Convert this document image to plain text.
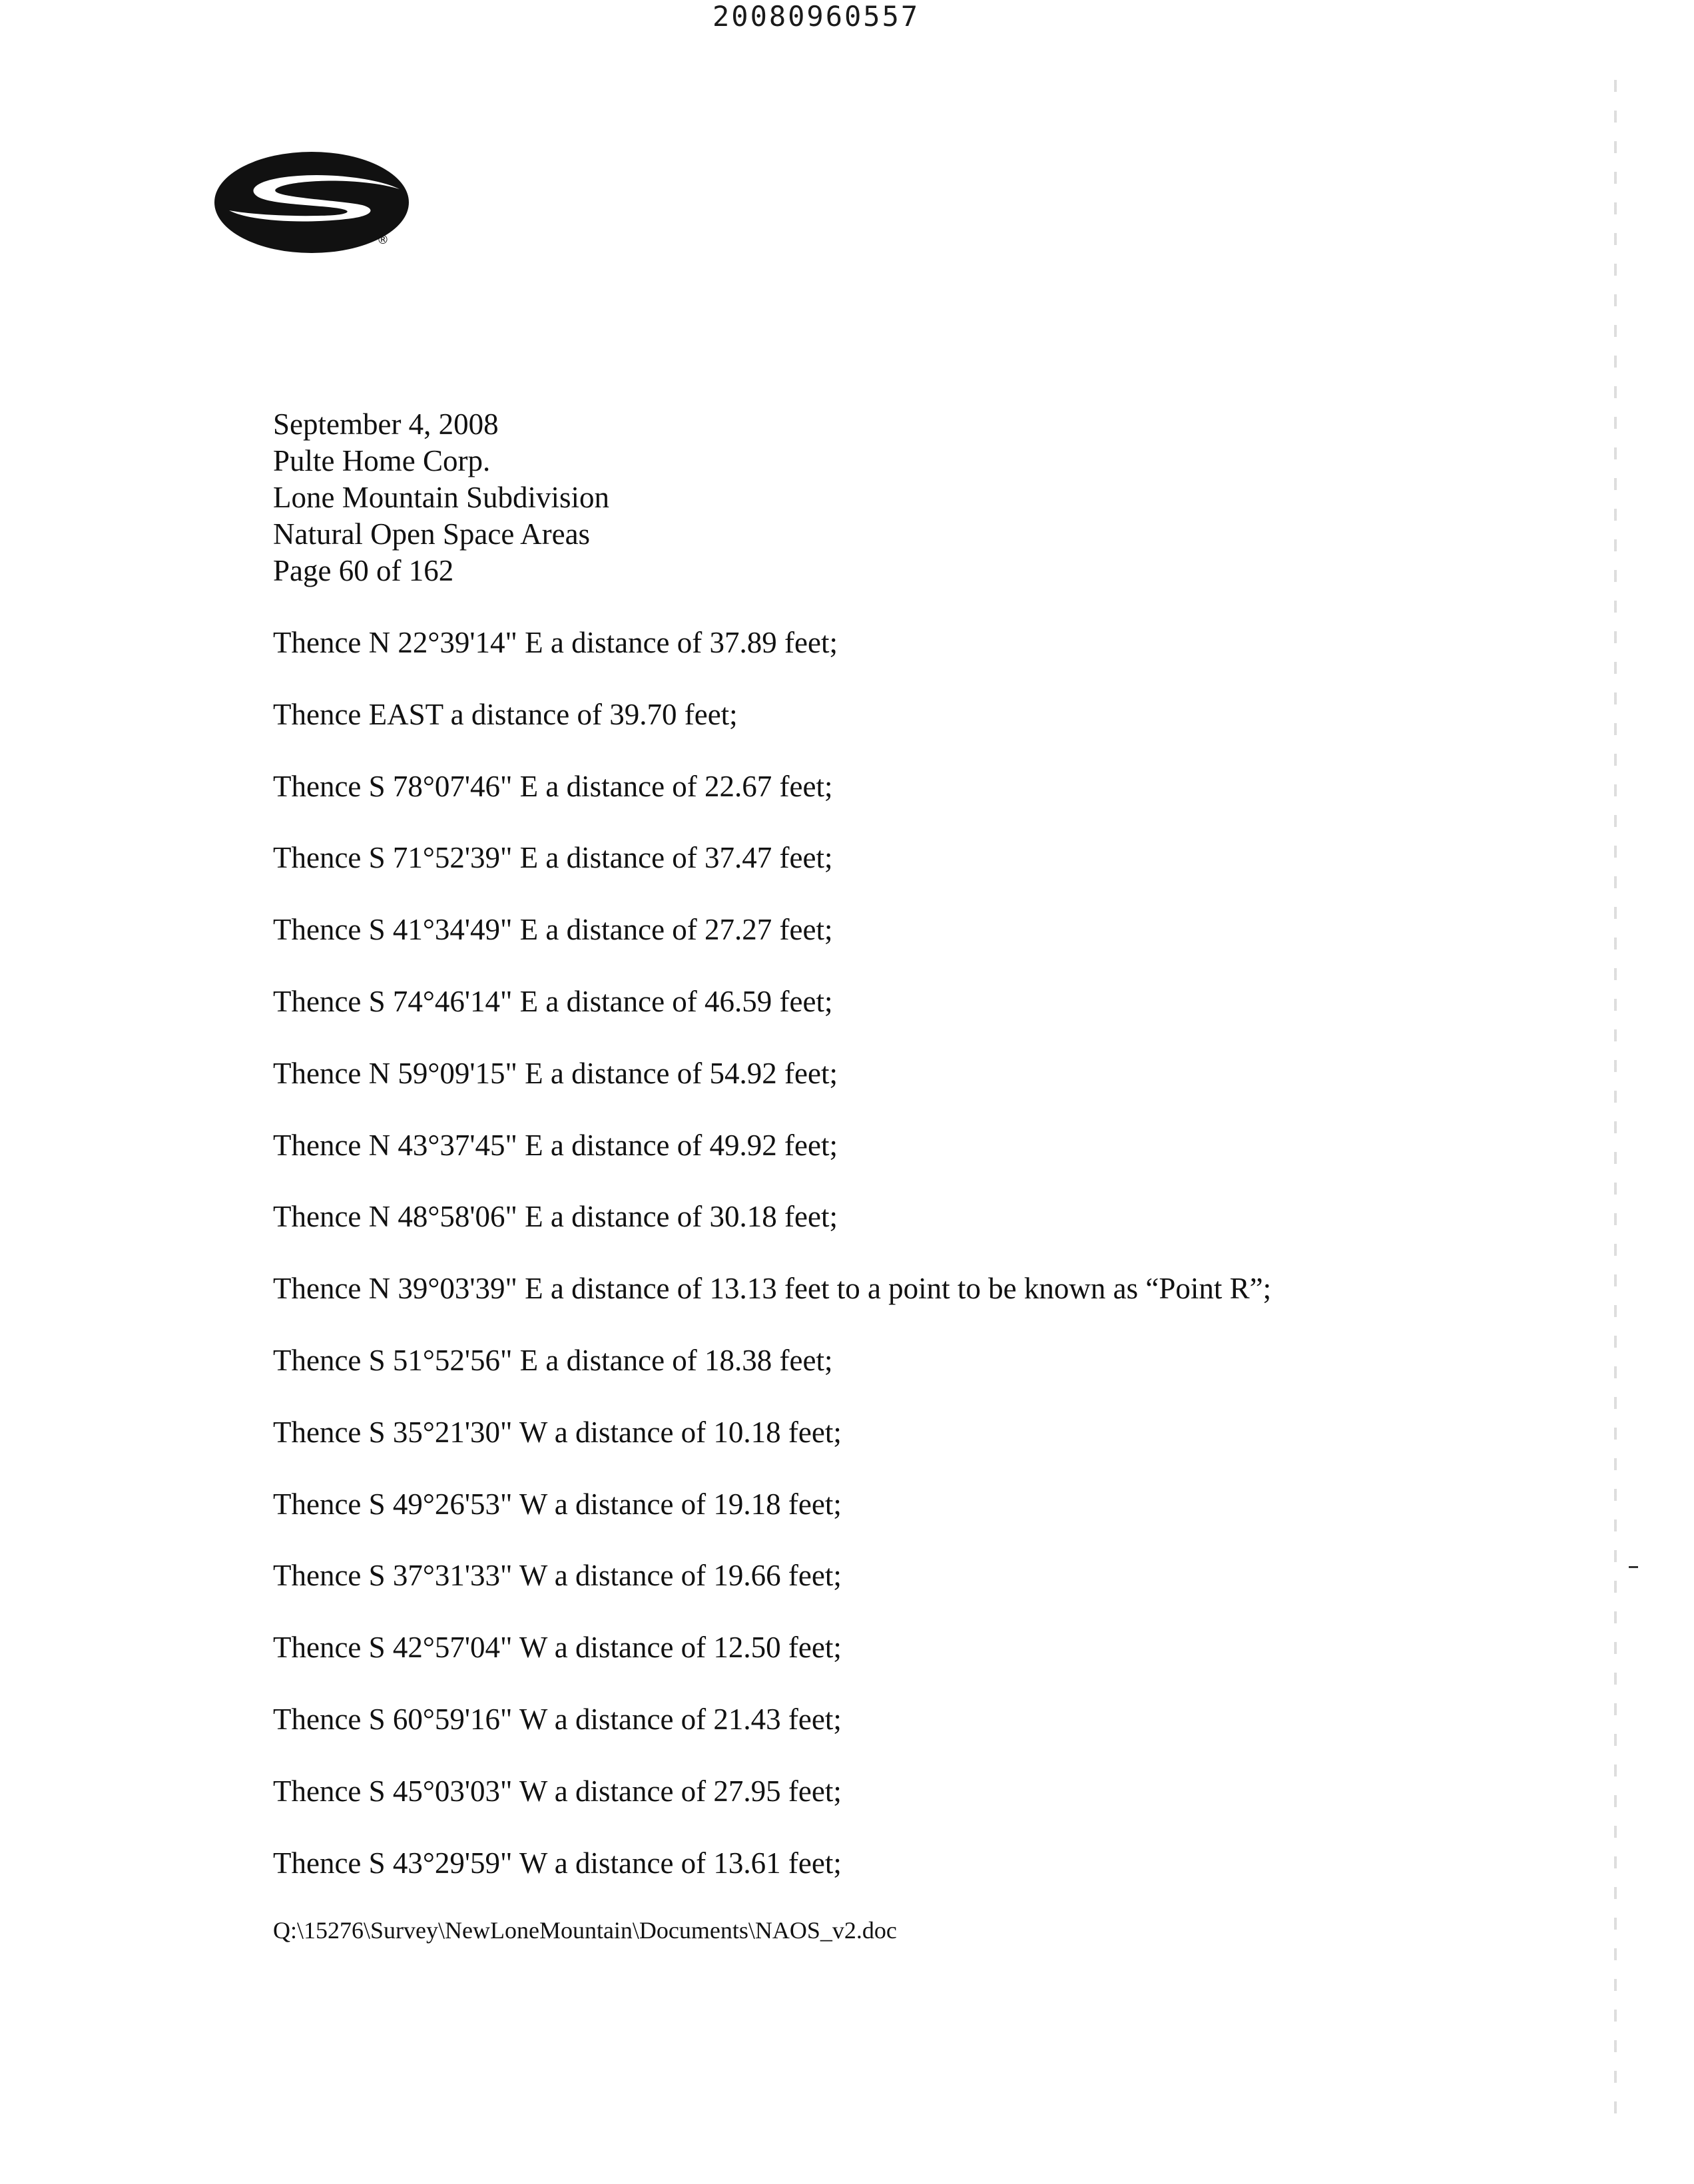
20080960557
®
September 4, 2008
Pulte Home Corp.
Lone Mountain Subdivision
Natural Open Space Areas
Page 60 of 162
Thence N 22°39'14" E a distance of 37.89 feet;
Thence EAST a distance of 39.70 feet;
Thence S 78°07'46" E a distance of 22.67 feet;
Thence S 71°52'39" E a distance of 37.47 feet;
Thence S 41°34'49" E a distance of 27.27 feet;
Thence S 74°46'14" E a distance of 46.59 feet;
Thence N 59°09'15" E a distance of 54.92 feet;
Thence N 43°37'45" E a distance of 49.92 feet;
Thence N 48°58'06" E a distance of 30.18 feet;
Thence N 39°03'39" E a distance of 13.13 feet to a point to be known as “Point R”;
Thence S 51°52'56" E a distance of 18.38 feet;
Thence S 35°21'30" W a distance of 10.18 feet;
Thence S 49°26'53" W a distance of 19.18 feet;
Thence S 37°31'33" W a distance of 19.66 feet;
Thence S 42°57'04" W a distance of 12.50 feet;
Thence S 60°59'16" W a distance of 21.43 feet;
Thence S 45°03'03" W a distance of 27.95 feet;
Thence S 43°29'59" W a distance of 13.61 feet;
Q:\15276\Survey\NewLoneMountain\Documents\NAOS_v2.doc
